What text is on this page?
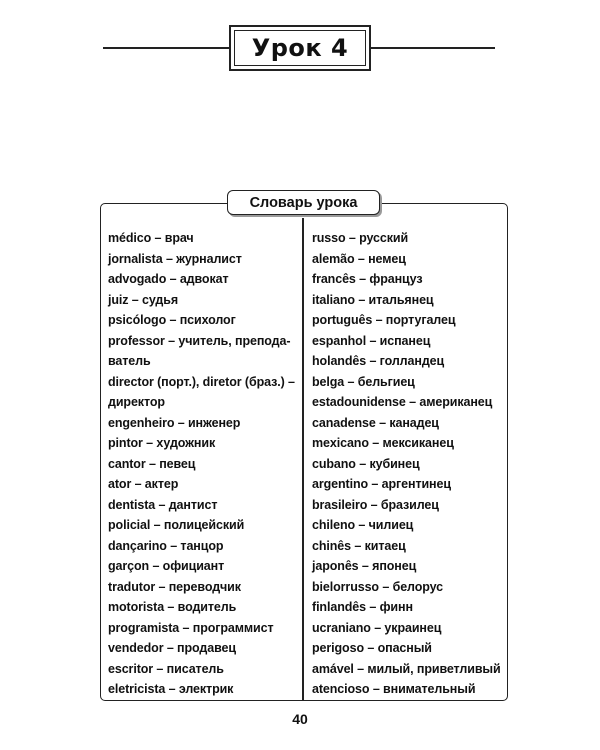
Урок 4
Словарь урока
médico – врач
jornalista – журналист
advogado – адвокат
juiz – судья
psicólogo – психолог
professor – учитель, препода-
ватель
director (порт.), diretor (браз.) –
директор
engenheiro – инженер
pintor – художник
cantor – певец
ator – актер
dentista – дантист
policial – полицейский
dançarino – танцор
garçon – официант
tradutor – переводчик
motorista – водитель
programista – программист
vendedor – продавец
escritor – писатель
eletricista – электрик
russo – русский
alemão – немец
francês – француз
italiano – итальянец
português – португалец
espanhol – испанец
holandês – голландец
belga – бельгиец
estadounidense – американец
canadense – канадец
mexicano – мексиканец
cubano – кубинец
argentino – аргентинец
brasileiro – бразилец
chileno – чилиец
chinês – китаец
japonês – японец
bielorrusso – белорус
finlandês – финн
ucraniano – украинец
perigoso – опасный
amável – милый, приветливый
atencioso – внимательный
40
